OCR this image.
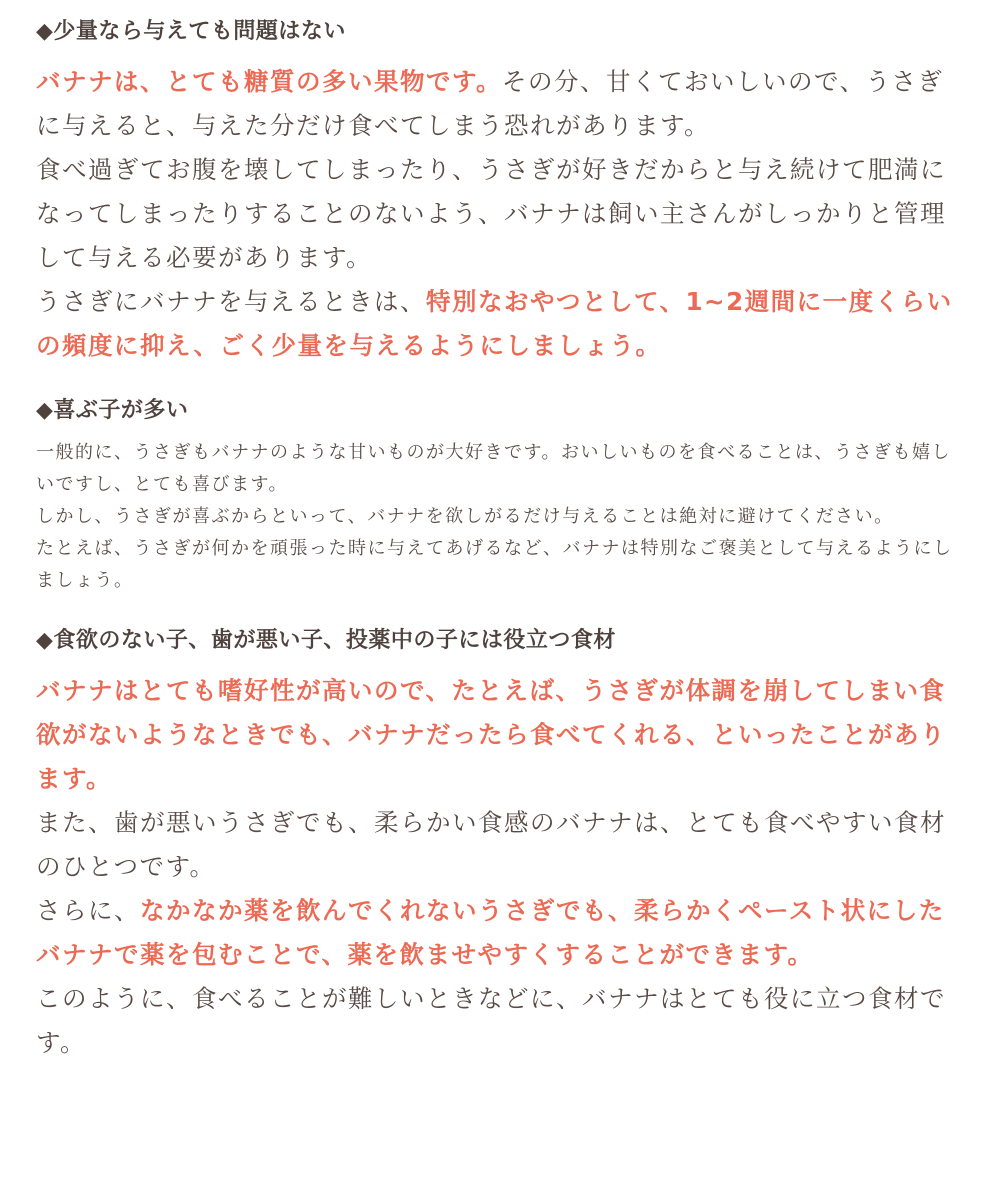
◆少量なら与えても問題はない

バナナは、とても糖質の多い果物です。その分、甘くておいしいので、うさぎに与えると、与えた分だけ食べてしまう恐れがあります。

食べ過ぎてお腹を壊してしまったり、うさぎが好きだからと与え続けて肥満になってしまったりすることのないよう、バナナは飼い主さんがしっかりと管理して与える必要があります。

うさぎにバナナを与えるときは、特別なおやつとして、1~2週間に一度くらいの頻度に抑え、ごく少量を与えるようにしましょう。

◆喜ぶ子が多い

一般的に、うさぎもバナナのような甘いものが大好きです。おいしいものを食べることは、うさぎも嬉しいですし、とても喜びます。

しかし、うさぎが喜ぶからといって、バナナを欲しがるだけ与えることは絶対に避けてください。

たとえば、うさぎが何かを頑張った時に与えてあげるなど、バナナは特別なご褒美として与えるようにしましょう。

◆食欲のない子、歯が悪い子、投薬中の子には役立つ食材

バナナはとても嗜好性が高いので、たとえば、うさぎが体調を崩してしまい食欲がないようなときでも、バナナだったら食べてくれる、といったことがあります。

また、歯が悪いうさぎでも、柔らかい食感のバナナは、とても食べやすい食材のひとつです。

さらに、なかなか薬を飲んでくれないうさぎでも、柔らかくペースト状にしたバナナで薬を包むことで、薬を飲ませやすくすることができます。

このように、食べることが難しいときなどに、バナナはとても役に立つ食材です。
